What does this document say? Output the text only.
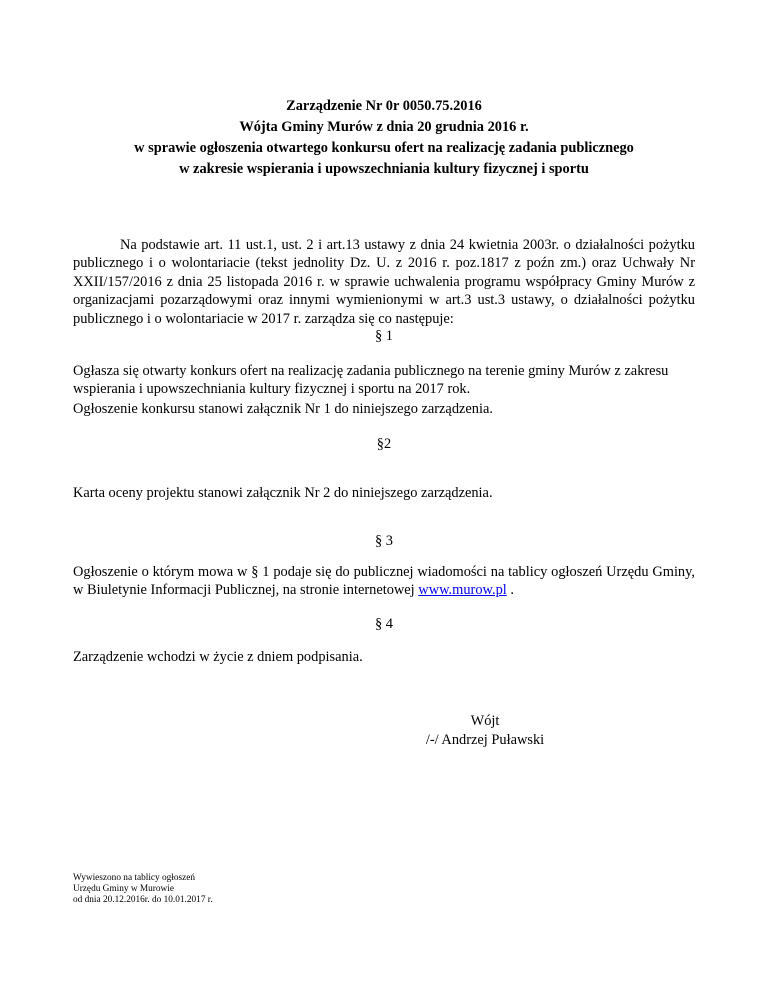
Zarządzenie Nr 0r 0050.75.2016
Wójta Gminy Murów z dnia 20 grudnia 2016 r.
w sprawie ogłoszenia otwartego konkursu ofert na realizację zadania publicznego
w zakresie wspierania i upowszechniania kultury fizycznej i sportu

Na podstawie art. 11 ust.1, ust. 2 i art.13 ustawy z dnia 24 kwietnia 2003r. o działalności pożytku publicznego i o wolontariacie (tekst jednolity Dz. U. z 2016 r. poz.1817 z poźn zm.) oraz Uchwały Nr XXII/157/2016 z dnia 25 listopada 2016 r. w sprawie uchwalenia programu współpracy Gminy Murów z organizacjami pozarządowymi oraz innymi wymienionymi w art.3 ust.3 ustawy, o działalności pożytku publicznego i o wolontariacie w 2017 r. zarządza się co następuje:

§ 1

Ogłasza się otwarty konkurs ofert na realizację zadania publicznego na terenie gminy Murów z zakresu wspierania i upowszechniania kultury fizycznej i sportu na 2017 rok.

Ogłoszenie konkursu stanowi załącznik Nr 1 do niniejszego zarządzenia.

§2

Karta oceny projektu stanowi załącznik Nr 2 do niniejszego zarządzenia.

§ 3

Ogłoszenie o którym mowa w § 1 podaje się do publicznej wiadomości na tablicy ogłoszeń Urzędu Gminy, w Biuletynie Informacji Publicznej, na stronie internetowej www.murow.pl .

§ 4

Zarządzenie wchodzi w życie z dniem podpisania.

Wójt
/-/ Andrzej Puławski
Wywieszono na tablicy ogłoszeń
Urzędu Gminy w Murowie
od dnia 20.12.2016r. do 10.01.2017 r.
